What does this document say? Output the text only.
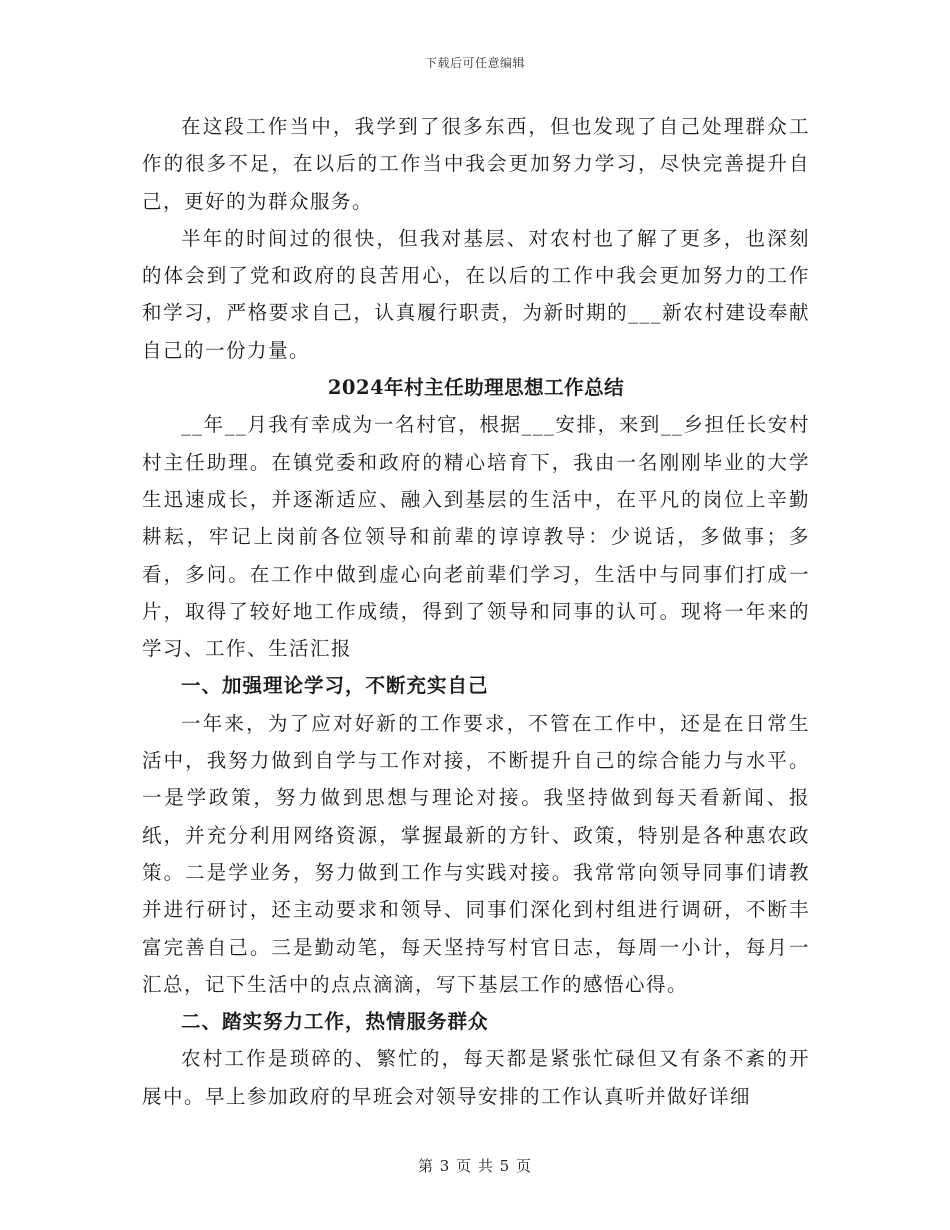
下载后可任意编辑

在这段工作当中，我学到了很多东西，但也发现了自己处理群众工作的很多不足，在以后的工作当中我会更加努力学习，尽快完善提升自己，更好的为群众服务。

半年的时间过的很快，但我对基层、对农村也了解了更多，也深刻的体会到了党和政府的良苦用心，在以后的工作中我会更加努力的工作和学习，严格要求自己，认真履行职责，为新时期的___新农村建设奉献自己的一份力量。

2024年村主任助理思想工作总结

__年__月我有幸成为一名村官，根据___安排，来到__乡担任长安村村主任助理。在镇党委和政府的精心培育下，我由一名刚刚毕业的大学生迅速成长，并逐渐适应、融入到基层的生活中，在平凡的岗位上辛勤耕耘，牢记上岗前各位领导和前辈的谆谆教导：少说话，多做事；多看，多问。在工作中做到虚心向老前辈们学习，生活中与同事们打成一片，取得了较好地工作成绩，得到了领导和同事的认可。现将一年来的学习、工作、生活汇报

一、加强理论学习，不断充实自己

一年来，为了应对好新的工作要求，不管在工作中，还是在日常生活中，我努力做到自学与工作对接，不断提升自己的综合能力与水平。一是学政策，努力做到思想与理论对接。我坚持做到每天看新闻、报纸，并充分利用网络资源，掌握最新的方针、政策，特别是各种惠农政策。二是学业务，努力做到工作与实践对接。我常常向领导同事们请教并进行研讨，还主动要求和领导、同事们深化到村组进行调研，不断丰富完善自己。三是勤动笔，每天坚持写村官日志，每周一小计，每月一汇总，记下生活中的点点滴滴，写下基层工作的感悟心得。

二、踏实努力工作，热情服务群众

农村工作是琐碎的、繁忙的，每天都是紧张忙碌但又有条不紊的开展中。早上参加政府的早班会对领导安排的工作认真听并做好详细

第 3 页 共 5 页
